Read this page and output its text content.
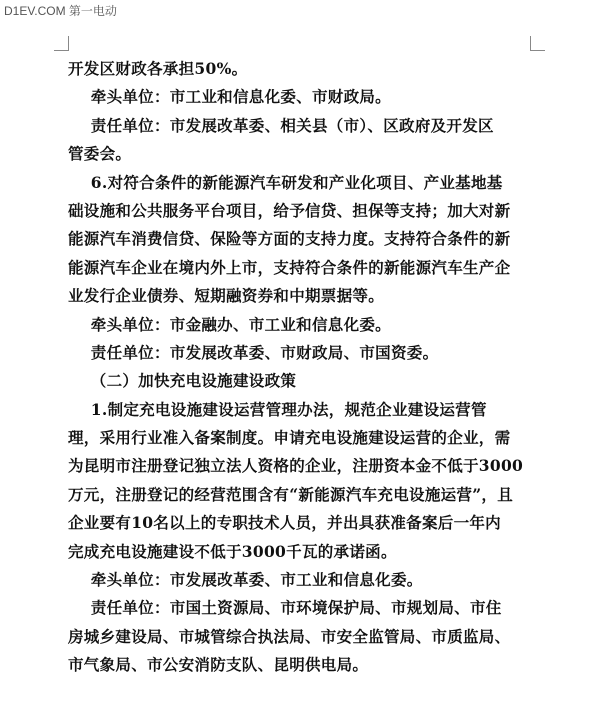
D1EV.COM 第一电动
开发区财政各承担50%。
牵头单位：市工业和信息化委、市财政局。
责任单位：市发展改革委、相关县（市）、区政府及开发区
管委会。
6.对符合条件的新能源汽车研发和产业化项目、产业基地基
础设施和公共服务平台项目，给予信贷、担保等支持；加大对新
能源汽车消费信贷、保险等方面的支持力度。支持符合条件的新
能源汽车企业在境内外上市，支持符合条件的新能源汽车生产企
业发行企业债券、短期融资券和中期票据等。
牵头单位：市金融办、市工业和信息化委。
责任单位：市发展改革委、市财政局、市国资委。
（二）加快充电设施建设政策
1.制定充电设施建设运营管理办法，规范企业建设运营管
理，采用行业准入备案制度。申请充电设施建设运营的企业，需
为昆明市注册登记独立法人资格的企业，注册资本金不低于3000
万元，注册登记的经营范围含有“新能源汽车充电设施运营”，且
企业要有10名以上的专职技术人员，并出具获准备案后一年内
完成充电设施建设不低于3000千瓦的承诺函。
牵头单位：市发展改革委、市工业和信息化委。
责任单位：市国土资源局、市环境保护局、市规划局、市住
房城乡建设局、市城管综合执法局、市安全监管局、市质监局、
市气象局、市公安消防支队、昆明供电局。
